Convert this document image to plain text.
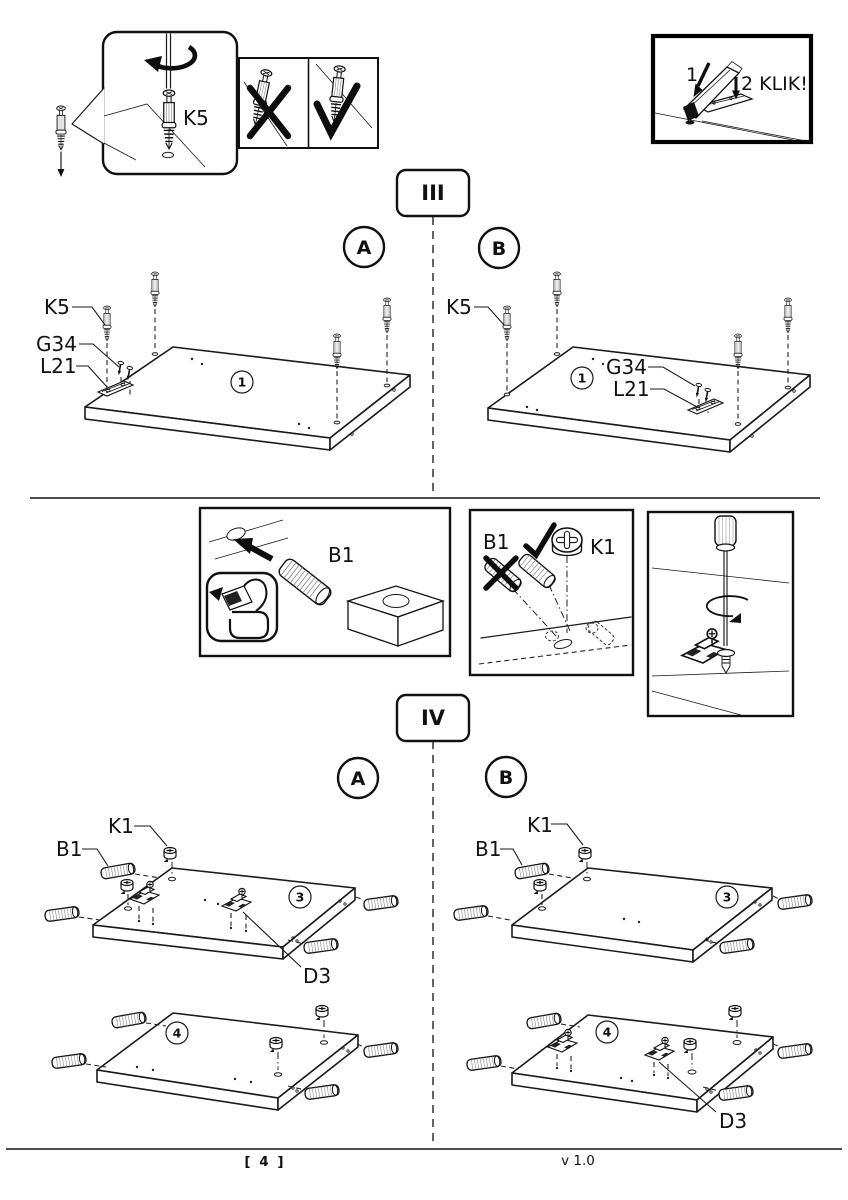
K5
1 2 KLIK!
III
A	B
1
K5
G34
L21	1
K5
G34
L21
B1
B1	K1
IV
A	B
3
K1
B1
D3
4
3
K1
B1
4
D3
[ 4 ]	v 1.0
